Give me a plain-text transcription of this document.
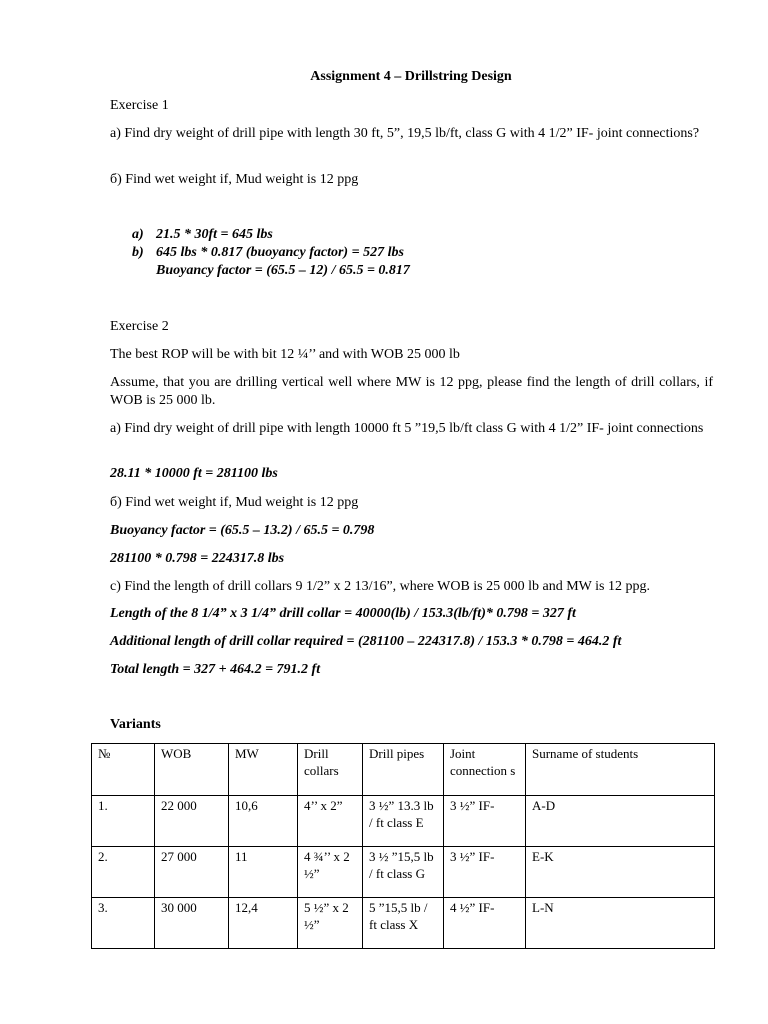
Assignment 4 – Drillstring Design
Exercise 1
a) Find dry weight of drill pipe with length 30 ft, 5”, 19,5 lb/ft, class G with 4 1/2” IF- joint connections?
б) Find wet weight if, Mud weight is 12 ppg
a) 21.5 * 30ft = 645 lbs
b) 645 lbs * 0.817 (buoyancy factor) = 527 lbs
Buoyancy factor = (65.5 – 12) / 65.5 = 0.817
Exercise 2
The best ROP will be with bit 12 ¼’’ and with WOB 25 000 lb
Assume, that you are drilling vertical well where MW is 12 ppg, please find the length of drill collars, if WOB is 25 000 lb.
a) Find dry weight of drill pipe with length 10000 ft 5 ”19,5 lb/ft class G with 4 1/2” IF- joint connections
28.11 * 10000 ft = 281100 lbs
б) Find wet weight if, Mud weight is 12 ppg
Buoyancy factor = (65.5 – 13.2) / 65.5 = 0.798
281100 * 0.798 = 224317.8 lbs
c) Find the length of drill collars 9 1/2” x 2 13/16”, where WOB is 25 000 lb and MW is 12 ppg.
Length of the 8 1/4” x 3 1/4” drill collar = 40000(lb) / 153.3(lb/ft)* 0.798 = 327 ft
Additional length of drill collar required = (281100 – 224317.8) / 153.3 * 0.798 = 464.2 ft
Total length = 327 + 464.2 = 791.2 ft
Variants
№	WOB	MW	Drill collars	Drill pipes	Joint connection s	Surname of students
1.	22 000	10,6	4’’ x 2”	3 ½” 13.3 lb / ft class E	3 ½” IF-	A-D
2.	27 000	11	4 ¾’’ x 2 ½”	3 ½ ”15,5 lb / ft class G	3 ½” IF-	E-K
3.	30 000	12,4	5 ½” x 2 ½”	5 ”15,5 lb / ft class X	4 ½” IF-	L-N
